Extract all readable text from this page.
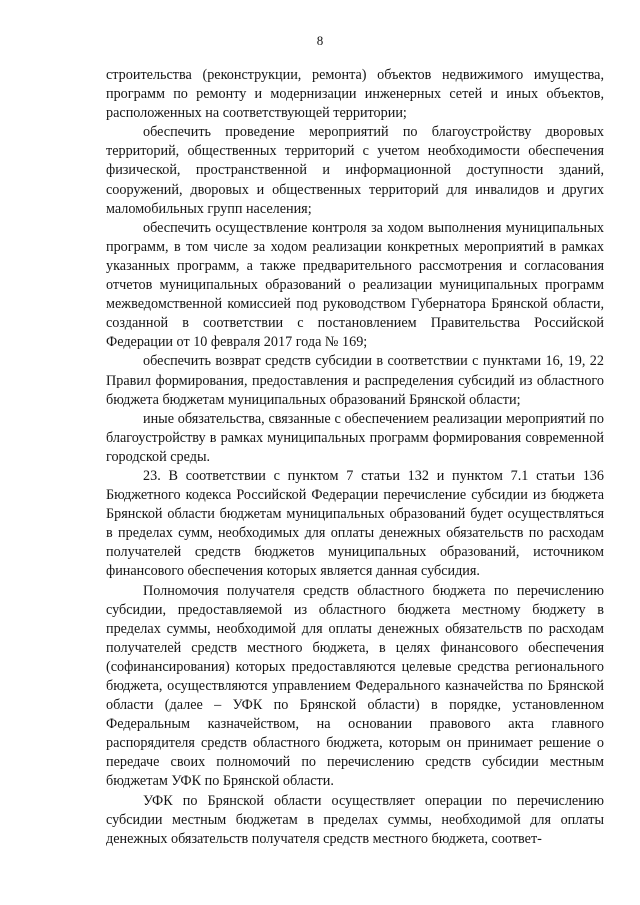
8

строительства (реконструкции, ремонта) объектов недвижимого имущества, программ по ремонту и модернизации инженерных сетей и иных объектов, расположенных на соответствующей территории;

обеспечить проведение мероприятий по благоустройству дворовых территорий, общественных территорий с учетом необходимости обеспечения физической, пространственной и информационной доступности зданий, сооружений, дворовых и общественных территорий для инвалидов и других маломобильных групп населения;

обеспечить осуществление контроля за ходом выполнения муниципальных программ, в том числе за ходом реализации конкретных мероприятий в рамках указанных программ, а также предварительного рассмотрения и согласования отчетов муниципальных образований о реализации муниципальных программ межведомственной комиссией под руководством Губернатора Брянской области, созданной в соответствии с постановлением Правительства Российской Федерации от 10 февраля 2017 года № 169;

обеспечить возврат средств субсидии в соответствии с пунктами 16, 19, 22 Правил формирования, предоставления и распределения субсидий из областного бюджета бюджетам муниципальных образований Брянской области;

иные обязательства, связанные с обеспечением реализации мероприятий по благоустройству в рамках муниципальных программ формирования современной городской среды.

23. В соответствии с пунктом 7 статьи 132 и пунктом 7.1 статьи 136 Бюджетного кодекса Российской Федерации перечисление субсидии из бюджета Брянской области бюджетам муниципальных образований будет осуществляться в пределах сумм, необходимых для оплаты денежных обязательств по расходам получателей средств бюджетов муниципальных образований, источником финансового обеспечения которых является данная субсидия.

Полномочия получателя средств областного бюджета по перечислению субсидии, предоставляемой из областного бюджета местному бюджету в пределах суммы, необходимой для оплаты денежных обязательств по расходам получателей средств местного бюджета, в целях финансового обеспечения (софинансирования) которых предоставляются целевые средства регионального бюджета, осуществляются управлением Федерального казначейства по Брянской области (далее – УФК по Брянской области) в порядке, установленном Федеральным казначейством, на основании правового акта главного распорядителя средств областного бюджета, которым он принимает решение о передаче своих полномочий по перечислению средств субсидии местным бюджетам УФК по Брянской области.

УФК по Брянской области осуществляет операции по перечислению субсидии местным бюджетам в пределах суммы, необходимой для оплаты денежных обязательств получателя средств местного бюджета, соответ-
